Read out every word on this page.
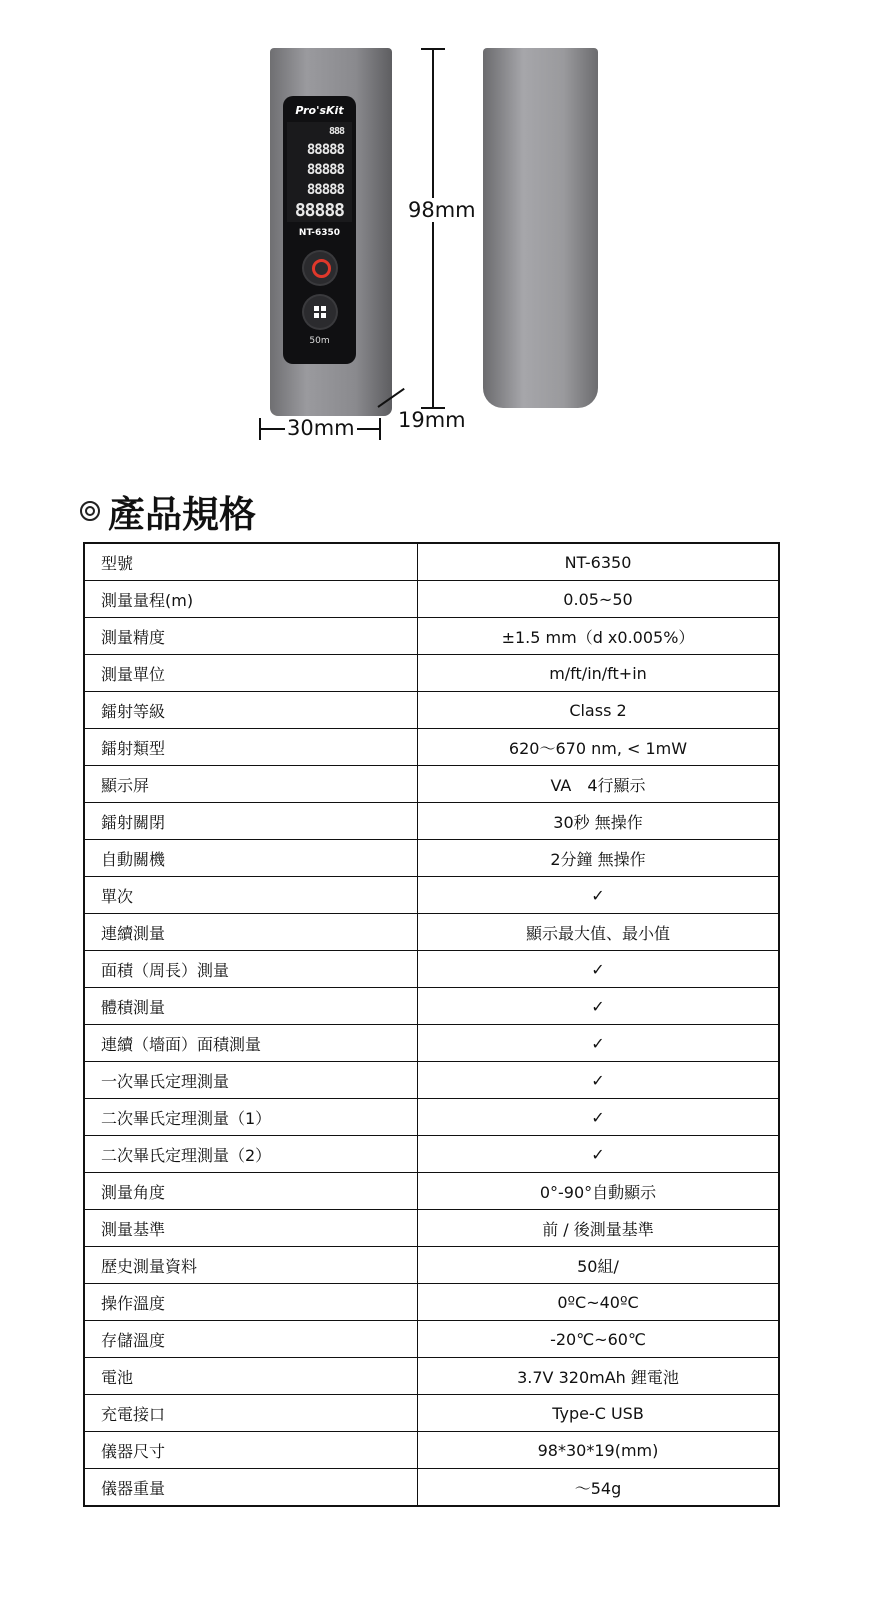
Pro'sKit
888
88888
88888
88888
88888
NT-6350
50m
98mm
30mm 19mm
產品規格
型號	NT-6350
測量量程(m)	0.05~50
測量精度	±1.5 mm（d x0.005%）
測量單位	m/ft/in/ft+in
鐳射等級	Class 2
鐳射類型	620～670 nm, < 1mW
顯示屏	VA　4行顯示
鐳射關閉	30秒 無操作
自動關機	2分鐘 無操作
單次	✓
連續測量	顯示最大值、最小值
面積（周長）測量	✓
體積測量	✓
連續（墻面）面積測量	✓
一次畢氏定理測量	✓
二次畢氏定理測量（1）	✓
二次畢氏定理測量（2）	✓
測量角度	0°-90°自動顯示
測量基準	前 / 後測量基準
歷史測量資料	50組/
操作溫度	0ºC~40ºC
存儲溫度	-20℃~60℃
電池	3.7V 320mAh 鋰電池
充電接口	Type-C USB
儀器尺寸	98*30*19(mm)
儀器重量	～54g
